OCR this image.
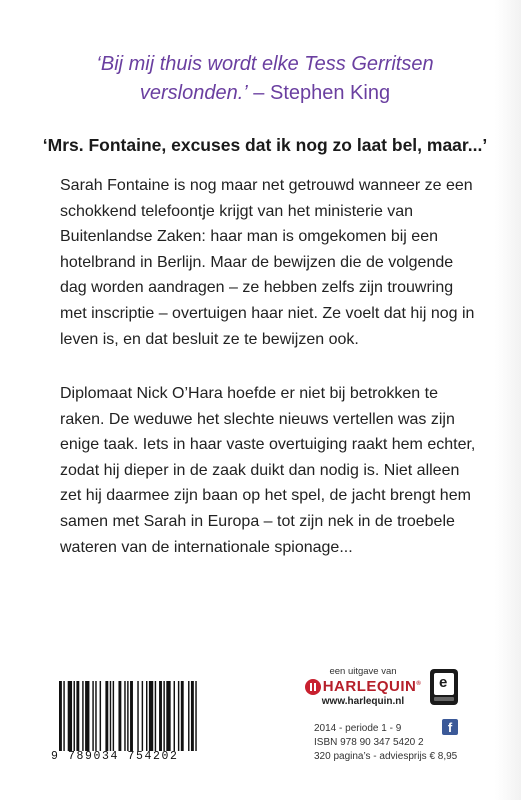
‘Bij mij thuis wordt elke Tess Gerritsen verslonden.’ – Stephen King
‘Mrs. Fontaine, excuses dat ik nog zo laat bel, maar...’

Sarah Fontaine is nog maar net getrouwd wanneer ze een schokkend telefoontje krijgt van het ministerie van Buitenlandse Zaken: haar man is omgekomen bij een hotelbrand in Berlijn. Maar de bewijzen die de volgende dag worden aandragen – ze hebben zelfs zijn trouwring met inscriptie – overtuigen haar niet. Ze voelt dat hij nog in leven is, en dat besluit ze te bewijzen ook.

Diplomaat Nick O’Hara hoefde er niet bij betrokken te raken. De weduwe het slechte nieuws vertellen was zijn enige taak. Iets in haar vaste overtuiging raakt hem echter, zodat hij dieper in de zaak duikt dan nodig is. Niet alleen zet hij daarmee zijn baan op het spel, de jacht brengt hem samen met Sarah in Europa – tot zijn nek in de troebele wateren van de internationale spionage...

9 789034 754202
een uitgave van
HARLEQUIN®
www.harlequin.nl
e
2014 - periode 1 - 9
ISBN 978 90 347 5420 2
320 pagina’s - adviesprijs € 8,95
f
